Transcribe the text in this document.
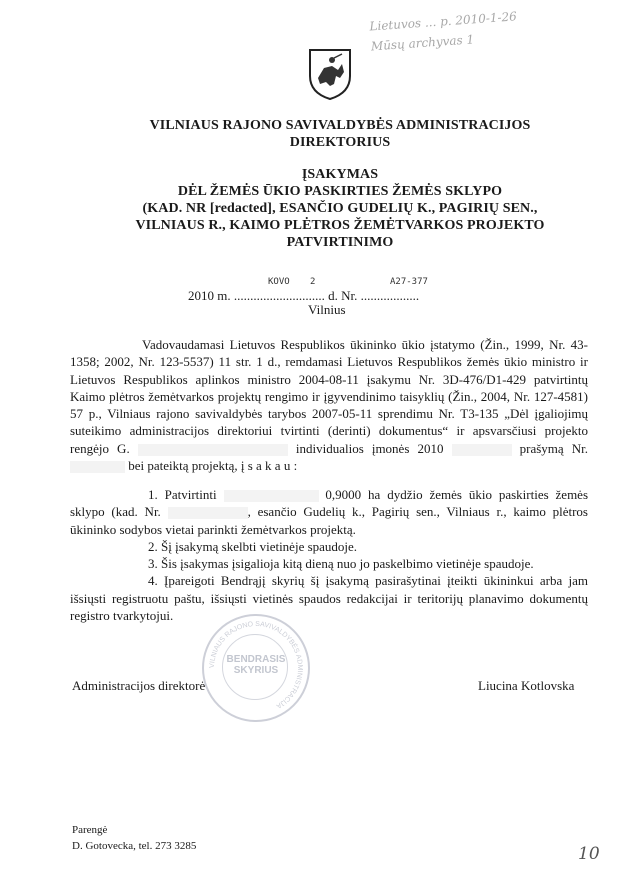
Lietuvos ... p. 2010-1-26
Mūsų archyvas 1
VILNIAUS RAJONO SAVIVALDYBĖS ADMINISTRACIJOS
DIREKTORIUS
ĮSAKYMAS
DĖL ŽEMĖS ŪKIO PASKIRTIES ŽEMĖS SKLYPO
(KAD. NR [redacted], ESANČIO GUDELIŲ K., PAGIRIŲ SEN.,
VILNIAUS R., KAIMO PLĖTROS ŽEMĖTVARKOS PROJEKTO
PATVIRTINIMO
KOVO 2	A27-377
2010 m. ............................ d. Nr. ..................
Vilnius
Vadovaudamasi Lietuvos Respublikos ūkininko ūkio įstatymo (Žin., 1999, Nr. 43-1358; 2002, Nr. 123-5537) 11 str. 1 d., remdamasi Lietuvos Respublikos žemės ūkio ministro ir Lietuvos Respublikos aplinkos ministro 2004-08-11 įsakymu Nr. 3D-476/D1-429 patvirtintų Kaimo plėtros žemėtvarkos projektų rengimo ir įgyvendinimo taisyklių (Žin., 2004, Nr. 127-4581) 57 p., Vilniaus rajono savivaldybės tarybos 2007-05-11 sprendimu Nr. T3-135 „Dėl įgaliojimų suteikimo administracijos direktoriui tvirtinti (derinti) dokumentus“ ir apsvarsčiusi projekto rengėjo G.	individualios įmonės 2010	prašymą Nr.  bei pateiktą projektą, į s a k a u :

1. Patvirtinti	0,9000 ha dydžio žemės ūkio paskirties žemės sklypo (kad. Nr.	, esančio Gudelių k., Pagirių sen., Vilniaus r., kaimo plėtros ūkininko sodybos vietai parinkti žemėtvarkos projektą.

2. Šį įsakymą skelbti vietinėje spaudoje.

3. Šis įsakymas įsigalioja kitą dieną nuo jo paskelbimo vietinėje spaudoje.

4. Įpareigoti Bendrąjį skyrių šį įsakymą pasirašytinai įteikti ūkininkui arba jam išsiųsti registruotu paštu, išsiųsti vietinės spaudos redakcijai ir teritorijų planavimo dokumentų registro tvarkytojui.

VILNIAUS RAJONO SAVIVALDYBĖS ADMINISTRACIJA
BENDRASIS
SKYRIUS
Administracijos direktorė	Liucina Kotlovska
Parengė
D. Gotovecka, tel. 273 3285	10
